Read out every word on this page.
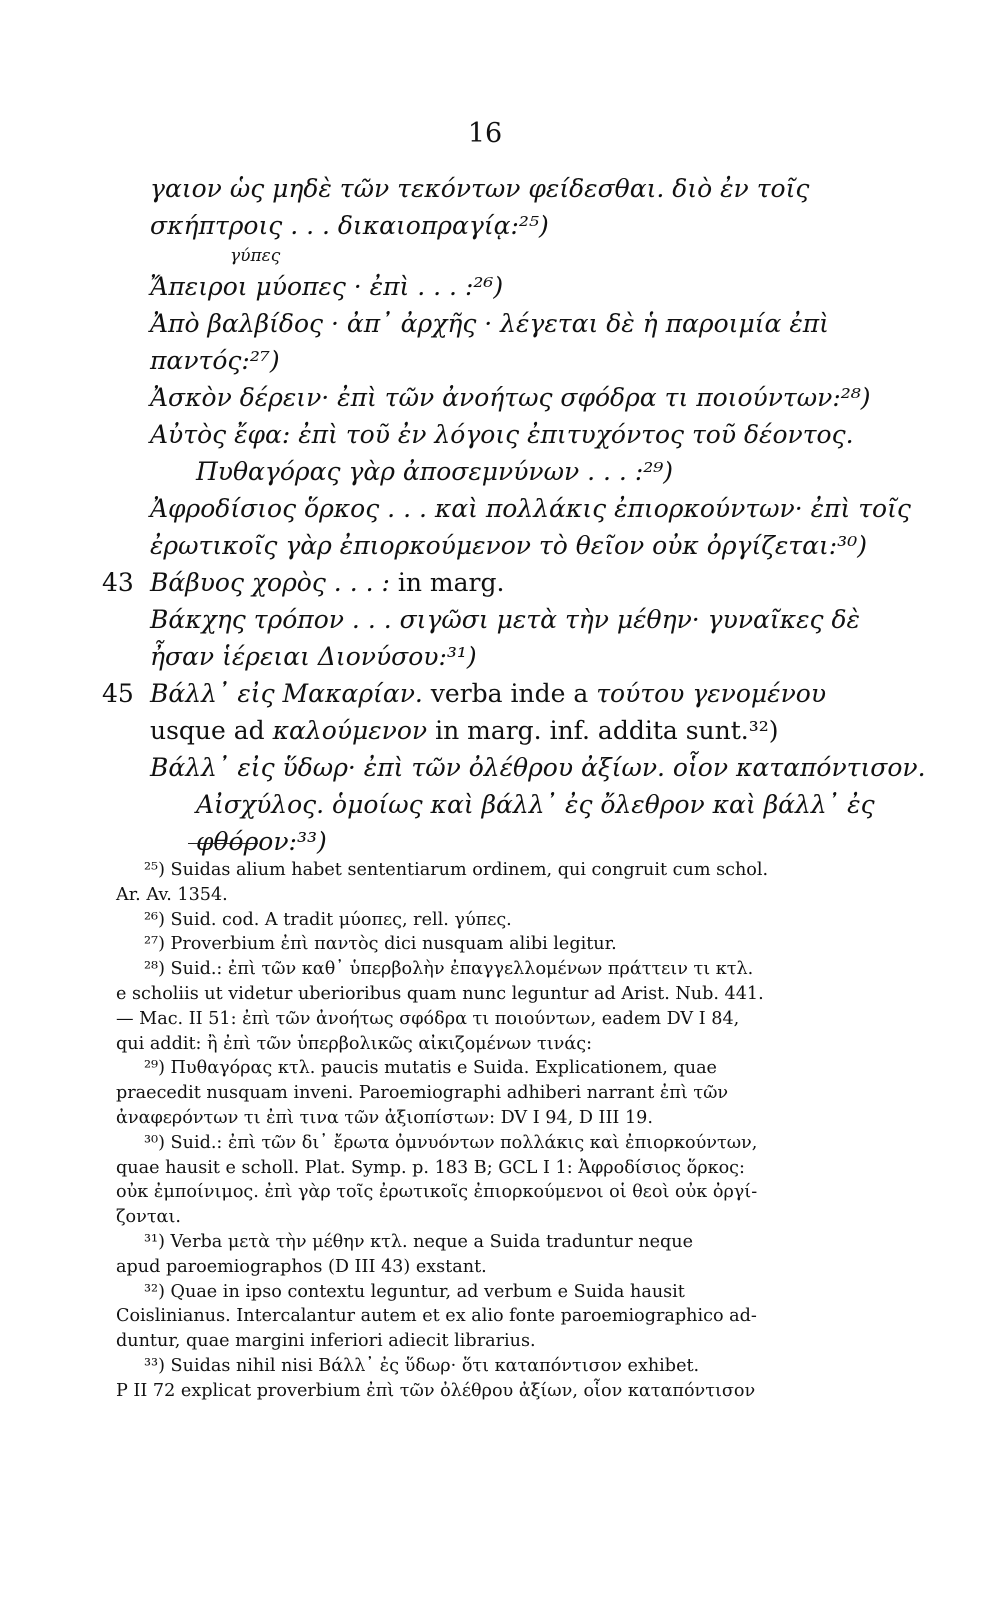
16
γαιον ὡς μηδὲ τῶν τεκόντων φείδεσθαι. διὸ ἐν τοῖς
σκήπτροις . . . δικαιοπραγίᾳ:²⁵)
γύπες
Ἄπειροι μύοπες · ἐπὶ . . . :²⁶)
Ἀπὸ βαλβίδος · ἀπ᾿ ἀρχῆς · λέγεται δὲ ἡ παροιμία ἐπὶ
παντός:²⁷)
Ἀσκὸν δέρειν· ἐπὶ τῶν ἀνοήτως σφόδρα τι ποιούντων:²⁸)
Αὐτὸς ἔφα: ἐπὶ τοῦ ἐν λόγοις ἐπιτυχόντος τοῦ δέοντος.
Πυθαγόρας γὰρ ἀποσεμνύνων . . . :²⁹)
Ἀφροδίσιος ὅρκος . . . καὶ πολλάκις ἐπιορκούντων· ἐπὶ τοῖς
ἐρωτικοῖς γὰρ ἐπιορκούμενον τὸ θεῖον οὐκ ὀργίζεται:³⁰)
43 Βάβυος χορὸς . . . : in marg.
Βάκχης τρόπον . . . σιγῶσι μετὰ τὴν μέθην· γυναῖκες δὲ
ἦσαν ἱέρειαι Διονύσου:³¹)
45 Βάλλ᾿ εἰς Μακαρίαν. verba inde a τούτου γενομένου
usque ad καλούμενον in marg. inf. addita sunt.³²)
Βάλλ᾿ εἰς ὕδωρ· ἐπὶ τῶν ὀλέθρου ἀξίων. οἷον καταπόντισον.
Αἰσχύλος. ὁμοίως καὶ βάλλ᾿ ἐς ὄλεθρον καὶ βάλλ᾿ ἐς
φθόρον:³³)
²⁵) Suidas alium habet sententiarum ordinem, qui congruit cum schol.
Ar. Av. 1354.
²⁶) Suid. cod. A tradit μύοπες, rell. γύπες.
²⁷) Proverbium ἐπὶ παντὸς dici nusquam alibi legitur.
²⁸) Suid.: ἐπὶ τῶν καθ᾿ ὑπερβολὴν ἐπαγγελλομένων πράττειν τι κτλ.
e scholiis ut videtur uberioribus quam nunc leguntur ad Arist. Nub. 441.
— Mac. II 51: ἐπὶ τῶν ἀνοήτως σφόδρα τι ποιούντων, eadem DV I 84,
qui addit: ἢ ἐπὶ τῶν ὑπερβολικῶς αἰκιζομένων τινάς:
²⁹) Πυθαγόρας κτλ. paucis mutatis e Suida. Explicationem, quae
praecedit nusquam inveni. Paroemiographi adhiberi narrant ἐπὶ τῶν
ἀναφερόντων τι ἐπὶ τινα τῶν ἀξιοπίστων: DV I 94, D III 19.
³⁰) Suid.: ἐπὶ τῶν δι᾿ ἔρωτα ὀμνυόντων πολλάκις καὶ ἐπιορκούντων,
quae hausit e scholl. Plat. Symp. p. 183 B; GCL I 1: Ἀφροδίσιος ὅρκος:
οὐκ ἐμποίνιμος. ἐπὶ γὰρ τοῖς ἐρωτικοῖς ἐπιορκούμενοι οἱ θεοὶ οὐκ ὀργί-
ζονται.
³¹) Verba μετὰ τὴν μέθην κτλ. neque a Suida traduntur neque
apud paroemiographos (D III 43) exstant.
³²) Quae in ipso contextu leguntur, ad verbum e Suida hausit
Coislinianus. Intercalantur autem et ex alio fonte paroemiographico ad-
duntur, quae margini inferiori adiecit librarius.
³³) Suidas nihil nisi Βάλλ᾿ ἐς ὕδωρ· ὅτι καταπόντισον exhibet.
P II 72 explicat proverbium ἐπὶ τῶν ὀλέθρου ἀξίων, οἷον καταπόντισον
